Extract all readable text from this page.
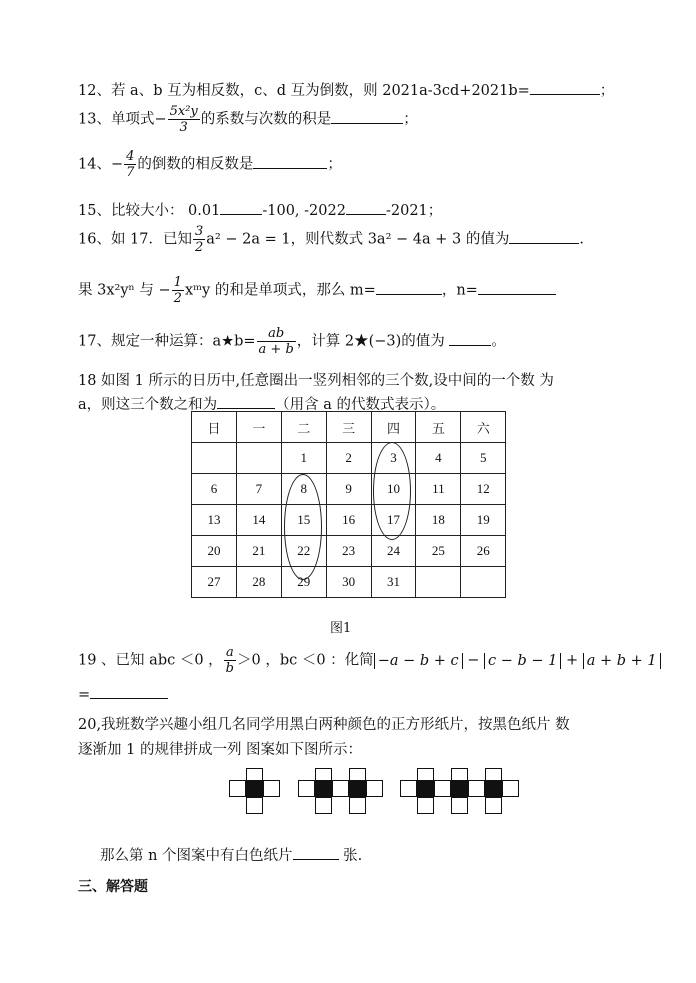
12、若 a、b 互为相反数，c、d 互为倒数，则 2021a-3cd+2021b=	；
13、单项式− $\frac{\text{5x²y}}{3}$ 的系数与次数的积是	；
14、− $\frac{4}{7}$ 的倒数的相反数是	；
15、比较大小： 0.01	-100, -2022	-2021；
16、如 17．已知 $\frac{3}{2} a^2 - 2a = 1$，则代数式 3a² − 4a + 3 的值为	.
果 3x²yⁿ 与 − $\frac{1}{2}$ xᵐy 的和是单项式，那么 m=	，n=
17、规定一种运算：a★b= $\frac{ab}{a + b}$ ，计算 2★(−3)的值为	。
18 如图 1 所示的日历中,任意圈出一竖列相邻的三个数,设中间的一个数 为
a，则这三个数之和为	（用含 a 的代数式表示）。
日	一	二	三	四	五	六
		1	2	3	4	5
6	7	8	9	10	11	12
13	14	15	16	17	18	19
20	21	22	23	24	25	26
27	28	29	30	31		
图1
19 、已知 abc ＜0 ， $\frac{a}{b} >0$ ，bc ＜0 ：化简 −a − b + c − c − b − 1 + a + b + 1
=
20,我班数学兴趣小组几名同学用黑白两种颜色的正方形纸片，按黑色纸片 数
逐渐加 1 的规律拼成一列 图案如下图所示：
那么第 n 个图案中有白色纸片	张.
三、解答题
